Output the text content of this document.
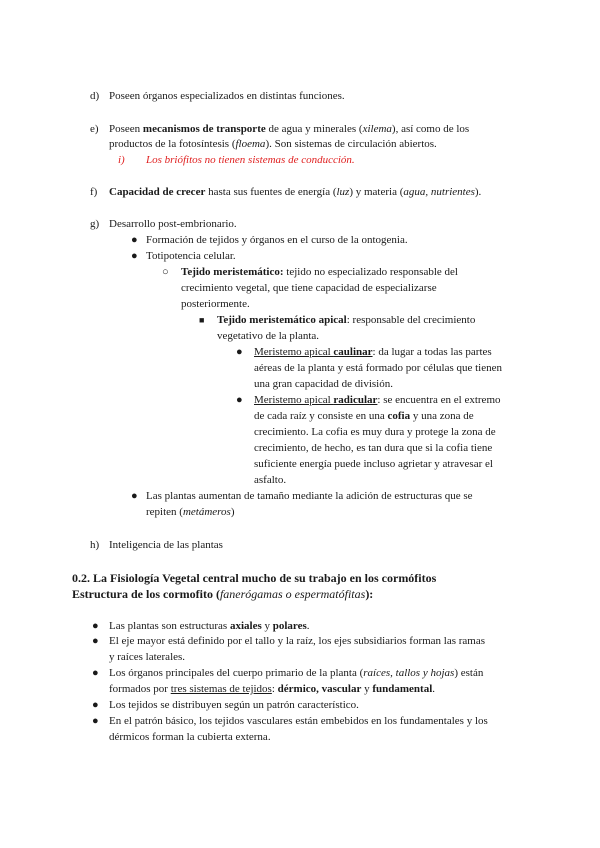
d) Poseen órganos especializados en distintas funciones.
e) Poseen mecanismos de transporte de agua y minerales (xilema), así como de los
productos de la fotosíntesis (floema). Son sistemas de circulación abiertos.
i) Los briófitos no tienen sistemas de conducción.
f) Capacidad de crecer hasta sus fuentes de energía (luz) y materia (agua, nutrientes).
g) Desarrollo post-embrionario.
● Formación de tejidos y órganos en el curso de la ontogenia.
● Totipotencia celular.
○ Tejido meristemático: tejido no especializado responsable del
crecimiento vegetal, que tiene capacidad de especializarse
posteriormente.
■ Tejido meristemático apical: responsable del crecimiento
vegetativo de la planta.
● Meristemo apical caulinar: da lugar a todas las partes
aéreas de la planta y está formado por células que tienen
una gran capacidad de división.
● Meristemo apical radicular: se encuentra en el extremo
de cada raíz y consiste en una cofia y una zona de
crecimiento. La cofia es muy dura y protege la zona de
crecimiento, de hecho, es tan dura que si la cofia tiene
suficiente energía puede incluso agrietar y atravesar el
asfalto.
● Las plantas aumentan de tamaño mediante la adición de estructuras que se
repiten (metámeros)
h) Inteligencia de las plantas
0.2. La Fisiología Vegetal central mucho de su trabajo en los cormófitos
Estructura de los cormofito (fanerógamas o espermatófitas):
● Las plantas son estructuras axiales y polares.
● El eje mayor está definido por el tallo y la raíz, los ejes subsidiarios forman las ramas
y raíces laterales.
● Los órganos principales del cuerpo primario de la planta (raíces, tallos y hojas) están
formados por tres sistemas de tejidos: dérmico, vascular y fundamental.
● Los tejidos se distribuyen según un patrón característico.
● En el patrón básico, los tejidos vasculares están embebidos en los fundamentales y los
dérmicos forman la cubierta externa.
